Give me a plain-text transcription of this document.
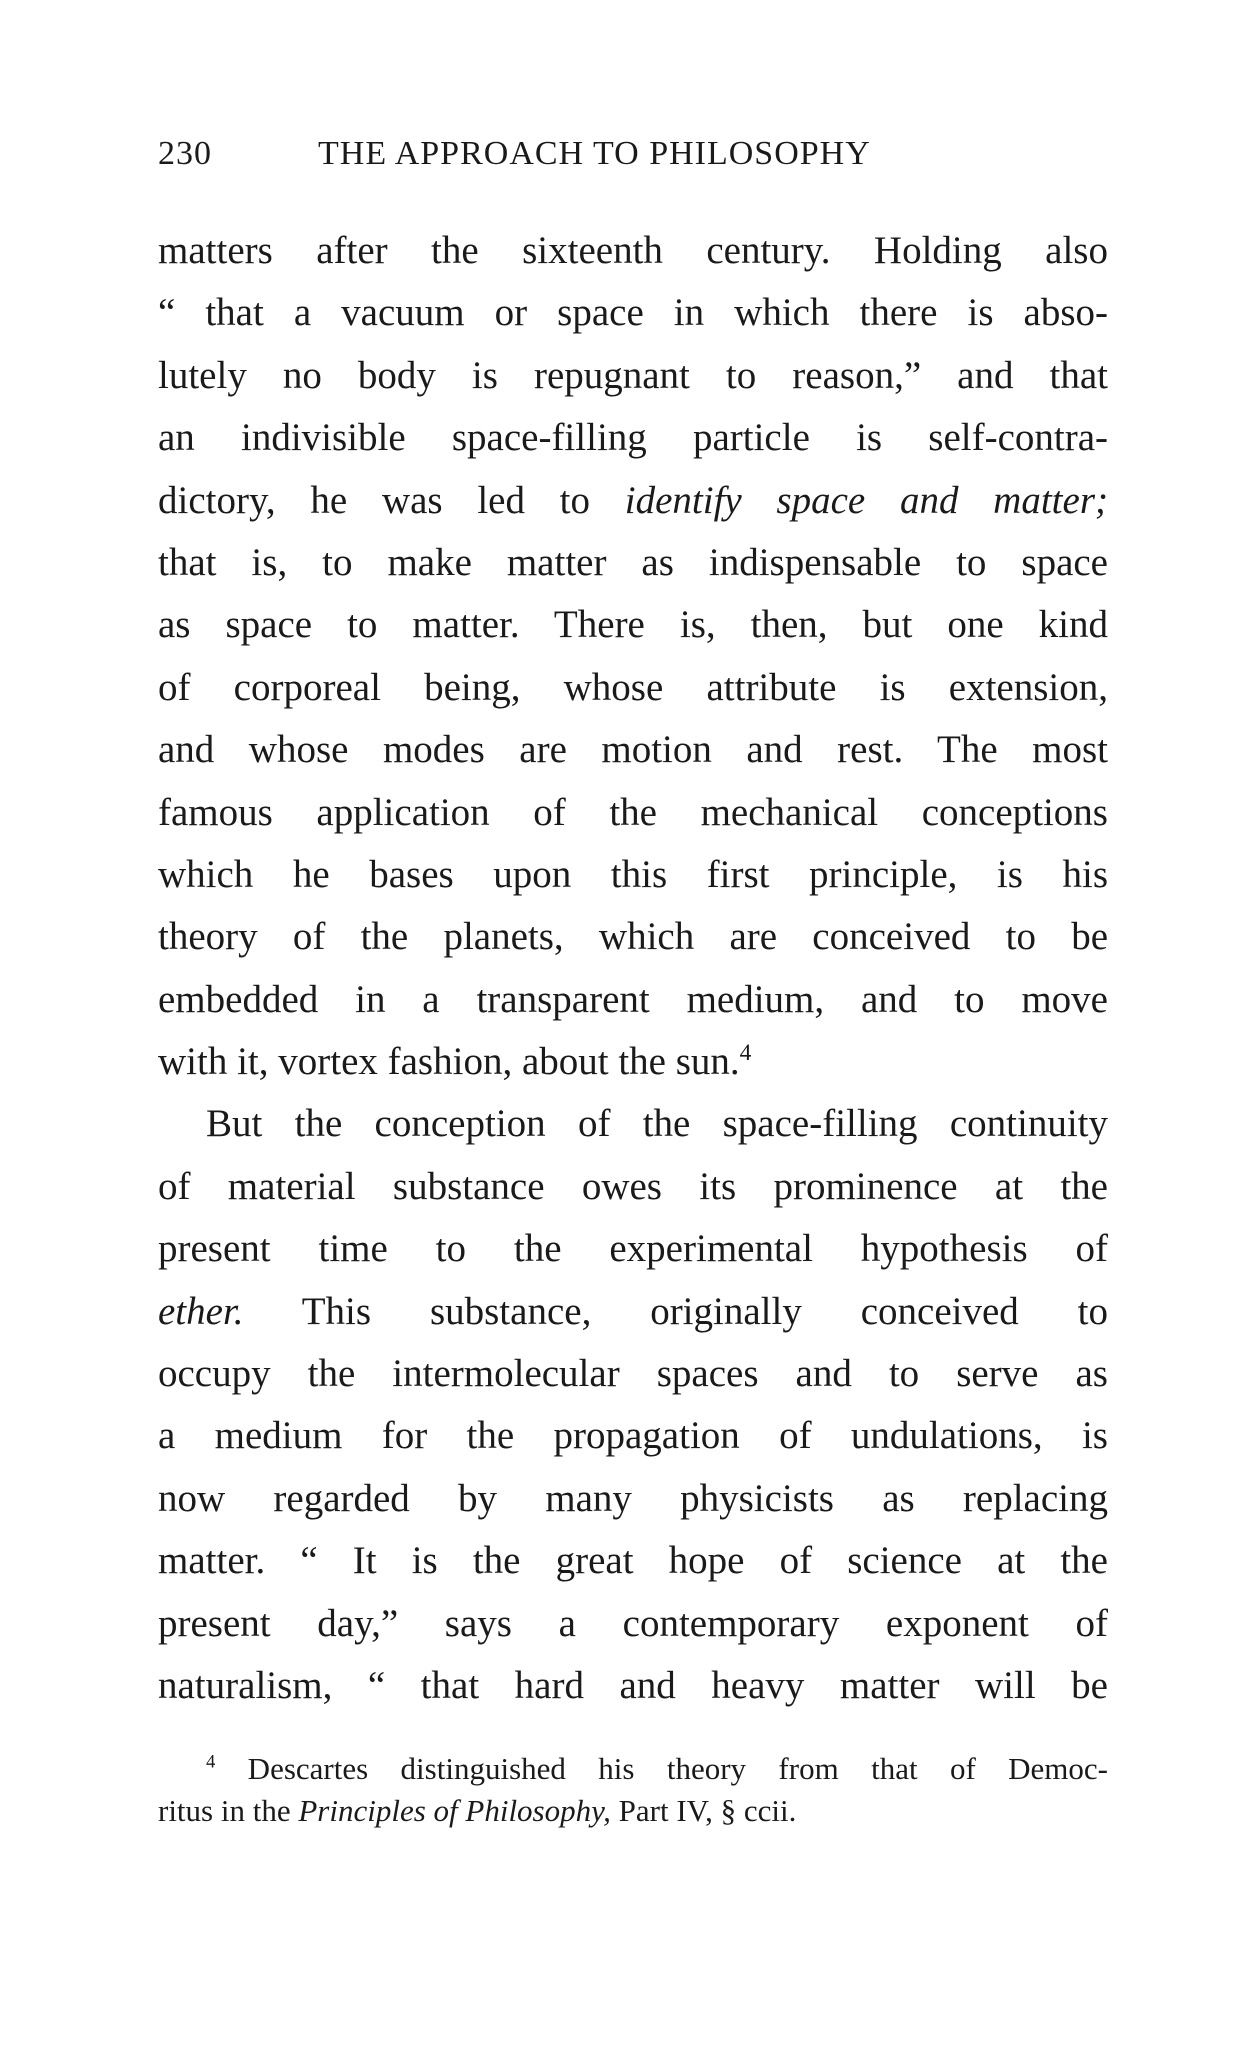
230	THE APPROACH TO PHILOSOPHY
matters after the sixteenth century. Holding also
“ that a vacuum or space in which there is abso-
lutely no body is repugnant to reason,” and that
an indivisible space-filling particle is self-contra-
dictory, he was led to identify space and matter;
that is, to make matter as indispensable to space
as space to matter. There is, then, but one kind
of corporeal being, whose attribute is extension,
and whose modes are motion and rest. The most
famous application of the mechanical conceptions
which he bases upon this first principle, is his
theory of the planets, which are conceived to be
embedded in a transparent medium, and to move
with it, vortex fashion, about the sun.$^4$
But the conception of the space-filling continuity
of material substance owes its prominence at the
present time to the experimental hypothesis of
ether. This substance, originally conceived to
occupy the intermolecular spaces and to serve as
a medium for the propagation of undulations, is
now regarded by many physicists as replacing
matter. “ It is the great hope of science at the
present day,” says a contemporary exponent of
naturalism, “ that hard and heavy matter will be
$^4$ Descartes distinguished his theory from that of Democ-
ritus in the Principles of Philosophy, Part IV, § ccii.
